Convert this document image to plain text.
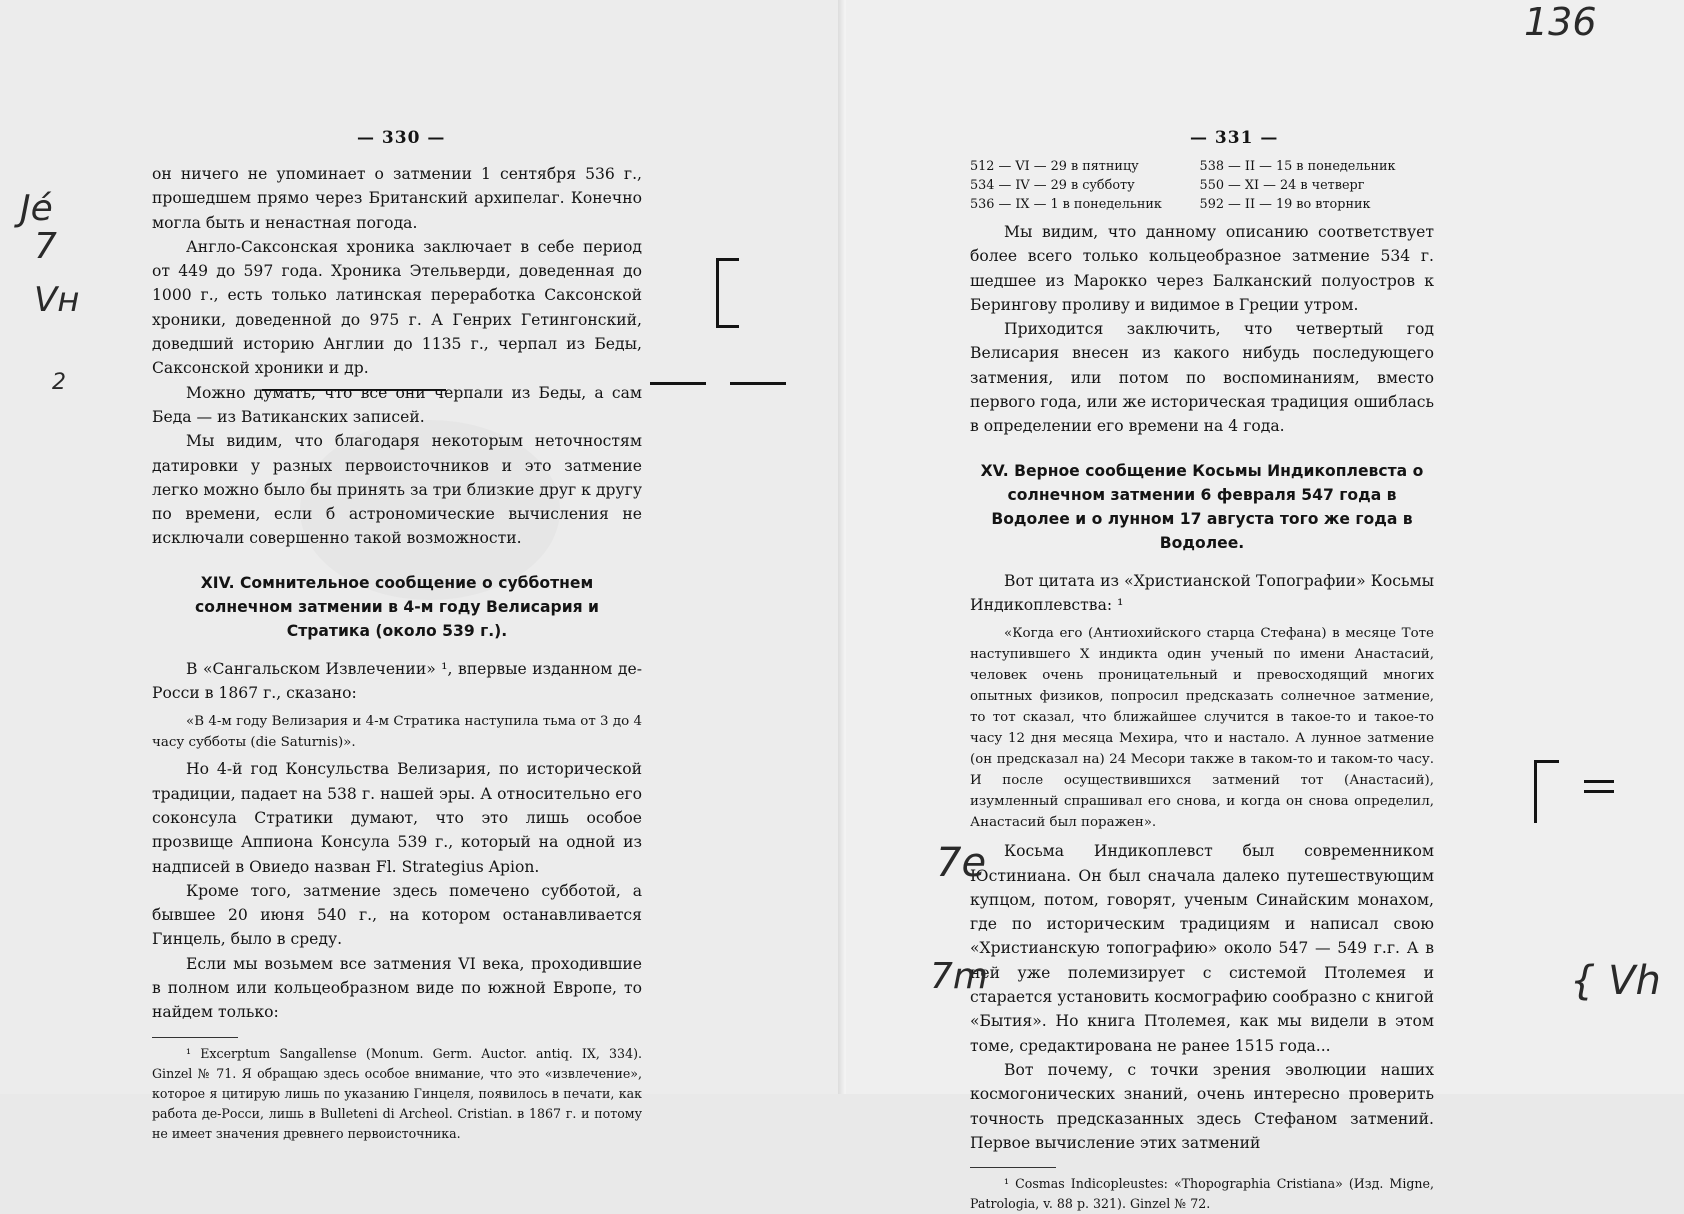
— 330 —

он ничего не упоминает о затмении 1 сентября 536 г., прошедшем прямо через Британский архипелаг. Конечно могла быть и ненастная погода.

Англо-Саксонская хроника заключает в себе период от 449 до 597 года. Хроника Этельверди, доведенная до 1000 г., есть только латинская переработка Саксонской хроники, доведенной до 975 г. А Генрих Гетингонский, доведший историю Англии до 1135 г., черпал из Беды, Саксонской хроники и др.

Можно думать, что все они черпали из Беды, а сам Беда — из Ватиканских записей.

Мы видим, что благодаря некоторым неточностям датировки у разных первоисточников и это затмение легко можно было бы принять за три близкие друг к другу по времени, если б астрономические вычисления не исключали совершенно такой возможности.

XIV. Сомнительное сообщение о субботнем солнечном затмении в 4-м году Велисария и Стратика (около 539 г.).

В «Сангальском Извлечении» ¹, впервые изданном де-Росси в 1867 г., сказано:

«В 4-м году Велизария и 4-м Стратика наступила тьма от 3 до 4 часу субботы (die Saturnis)».

Но 4-й год Консульства Велизария, по исторической традиции, падает на 538 г. нашей эры. А относительно его соконсула Стратики думают, что это лишь особое прозвище Аппиона Консула 539 г., который на одной из надписей в Овиедо назван Fl. Strategius Apion.

Кроме того, затмение здесь помечено субботой, а бывшее 20 июня 540 г., на котором останавливается Гинцель, было в среду.

Если мы возьмем все затмения VI века, проходившие в полном или кольцеобразном виде по южной Европе, то найдем только:

¹ Excerptum Sangallense (Monum. Germ. Auctor. antiq. IX, 334). Ginzel № 71. Я обращаю здесь особое внимание, что это «извлечение», которое я цитирую лишь по указанию Гинцеля, появилось в печати, как работа де-Росси, лишь в Bulleteni di Archeol. Cristian. в 1867 г. и потому не имеет значения древнего первоисточника.

Jé
7
Vн
2
— 331 —
512 — VI — 29 в пятницу	538 — II — 15 в понедельник
534 — IV — 29 в субботу	550 — XI — 24 в четверг
536 — IX — 1 в понедельник	592 — II — 19 во вторник

Мы видим, что данному описанию соответствует более всего только кольцеобразное затмение 534 г. шедшее из Марокко через Балканский полуостров к Берингову проливу и видимое в Греции утром.

Приходится заключить, что четвертый год Велисария внесен из какого нибудь последующего затмения, или потом по воспоминаниям, вместо первого года, или же историческая традиция ошиблась в определении его времени на 4 года.

XV. Верное сообщение Косьмы Индикоплевста о солнечном затмении 6 февраля 547 года в Водолее и о лунном 17 августа того же года в Водолее.

Вот цитата из «Христианской Топографии» Косьмы Индикоплевства: ¹

«Когда его (Антиохийского старца Стефана) в месяце Тоте наступившего X индикта один ученый по имени Анастасий, человек очень проницательный и превосходящий многих опытных физиков, попросил предсказать солнечное затмение, то тот сказал, что ближайшее случится в такое-то и такое-то часу 12 дня месяца Мехира, что и настало. А лунное затмение (он предсказал на) 24 Месори также в таком-то и таком-то часу. И после осуществившихся затмений тот (Анастасий), изумленный спрашивал его снова, и когда он снова определил, Анастасий был поражен».

Косьма Индикоплевст был современником Юстиниана. Он был сначала далеко путешествующим купцом, потом, говорят, ученым Синайским монахом, где по историческим традициям и написал свою «Христианскую топографию» около 547 — 549 г.г. А в ней уже полемизирует с системой Птолемея и старается установить космографию сообразно с книгой «Бытия». Но книга Птолемея, как мы видели в этом томе, средактирована не ранее 1515 года...

Вот почему, с точки зрения эволюции наших космогонических знаний, очень интересно проверить точность предсказанных здесь Стефаном затмений. Первое вычисление этих затмений

¹ Cosmas Indicopleustes: «Thopographia Cristiana» (Изд. Migne, Patrologia, v. 88 p. 321). Ginzel № 72.

136
7e
7m	{ Vh
